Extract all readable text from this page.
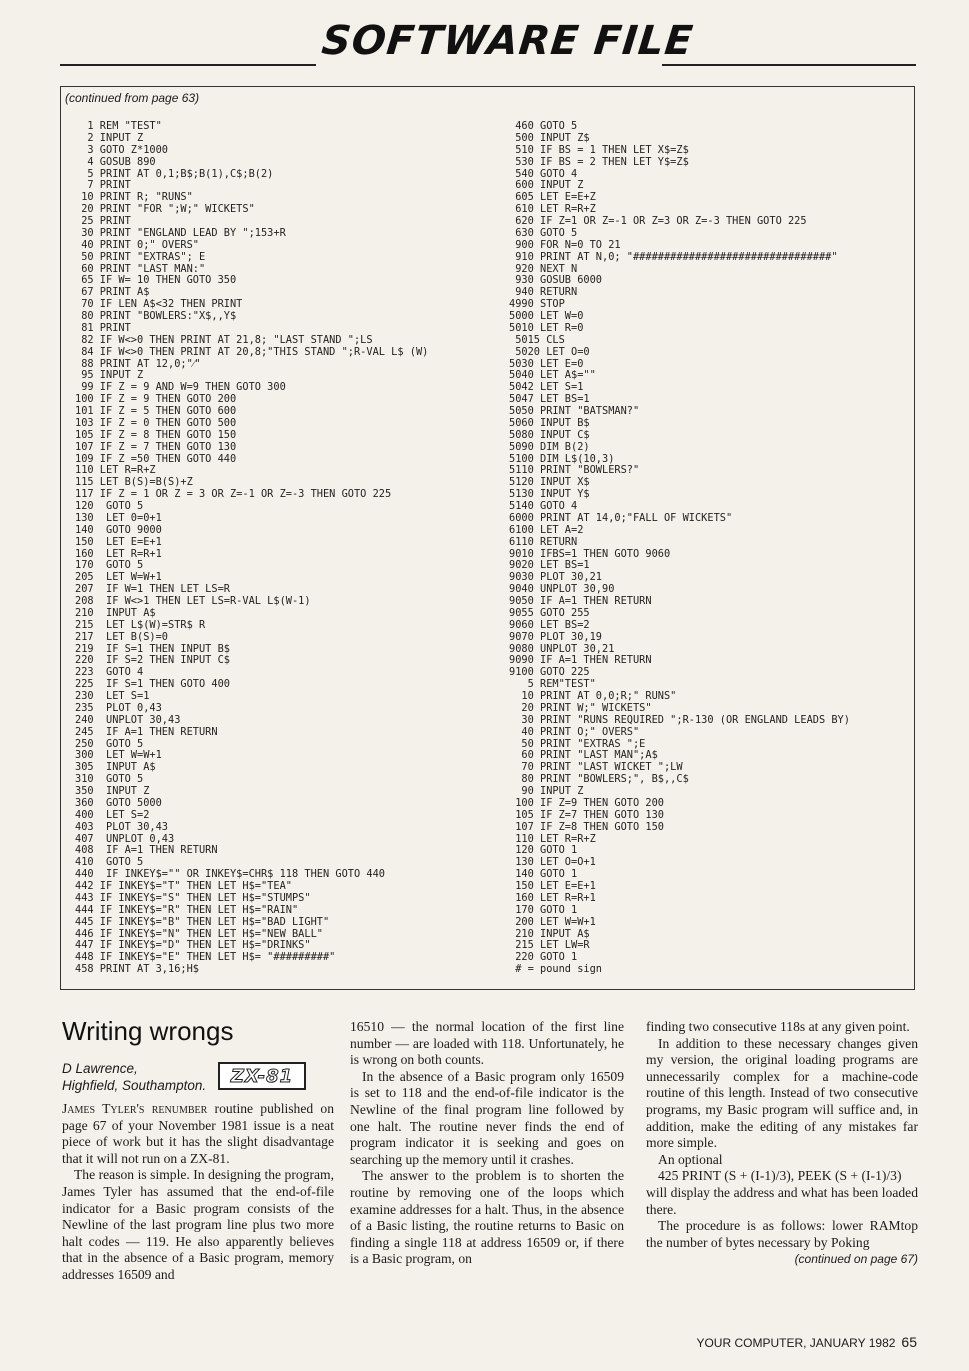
SOFTWARE FILE
(continued from page 63)
1 REM "TEST"
2 INPUT Z
3 GOTO Z*1000
4 GOSUB 890
5 PRINT AT 0,1;B$;B(1),C$;B(2)
7 PRINT
10 PRINT R; "RUNS"
20 PRINT "FOR ";W;" WICKETS"
25 PRINT
30 PRINT "ENGLAND LEAD BY ";153+R
40 PRINT 0;" OVERS"
50 PRINT "EXTRAS"; E
60 PRINT "LAST MAN:"
65 IF W= 10 THEN GOTO 350
67 PRINT A$
70 IF LEN A$<32 THEN PRINT
80 PRINT "BOWLERS:"X$,,Y$
81 PRINT
82 IF W<>0 THEN PRINT AT 21,8; "LAST STAND ";LS
84 IF W<>0 THEN PRINT AT 20,8;"THIS STAND ";R-VAL L$ (W)
88 PRINT AT 12,0;"⁄"
95 INPUT Z
99 IF Z = 9 AND W=9 THEN GOTO 300
100 IF Z = 9 THEN GOTO 200
101 IF Z = 5 THEN GOTO 600
103 IF Z = 0 THEN GOTO 500
105 IF Z = 8 THEN GOTO 150
107 IF Z = 7 THEN GOTO 130
109 IF Z =50 THEN GOTO 440
110 LET R=R+Z
115 LET B(S)=B(S)+Z
117 IF Z = 1 OR Z = 3 OR Z=-1 OR Z=-3 THEN GOTO 225
120  GOTO 5
130  LET 0=0+1
140  GOTO 9000
150  LET E=E+1
160  LET R=R+1
170  GOTO 5
205  LET W=W+1
207  IF W=1 THEN LET LS=R
208  IF W<>1 THEN LET LS=R-VAL L$(W-1)
210  INPUT A$
215  LET L$(W)=STR$ R
217  LET B(S)=0
219  IF S=1 THEN INPUT B$
220  IF S=2 THEN INPUT C$
223  GOTO 4
225  IF S=1 THEN GOTO 400
230  LET S=1
235  PLOT 0,43
240  UNPLOT 30,43
245  IF A=1 THEN RETURN
250  GOTO 5
300  LET W=W+1
305  INPUT A$
310  GOTO 5
350  INPUT Z
360  GOTO 5000
400  LET S=2
403  PLOT 30,43
407  UNPLOT 0,43
408  IF A=1 THEN RETURN
410  GOTO 5
440  IF INKEY$="" OR INKEY$=CHR$ 118 THEN GOTO 440
442 IF INKEY$="T" THEN LET H$="TEA"
443 IF INKEY$="S" THEN LET H$="STUMPS"
444 IF INKEY$="R" THEN LET H$="RAIN"
445 IF INKEY$="B" THEN LET H$="BAD LIGHT"
446 IF INKEY$="N" THEN LET H$="NEW BALL"
447 IF INKEY$="D" THEN LET H$="DRINKS"
448 IF INKEY$="E" THEN LET H$= "#########"
458 PRINT AT 3,16;H$
460 GOTO 5
500 INPUT Z$
510 IF BS = 1 THEN LET X$=Z$
530 IF BS = 2 THEN LET Y$=Z$
540 GOTO 4
600 INPUT Z
605 LET E=E+Z
610 LET R=R+Z
620 IF Z=1 OR Z=-1 OR Z=3 OR Z=-3 THEN GOTO 225
630 GOTO 5
900 FOR N=0 TO 21
910 PRINT AT N,0; "################################"
920 NEXT N
930 GOSUB 6000
940 RETURN
4990 STOP
5000 LET W=0
5010 LET R=0
5015 CLS
5020 LET O=0
5030 LET E=0
5040 LET A$=""
5042 LET S=1
5047 LET BS=1
5050 PRINT "BATSMAN?"
5060 INPUT B$
5080 INPUT C$
5090 DIM B(2)
5100 DIM L$(10,3)
5110 PRINT "BOWLERS?"
5120 INPUT X$
5130 INPUT Y$
5140 GOTO 4
6000 PRINT AT 14,0;"FALL OF WICKETS"
6100 LET A=2
6110 RETURN
9010 IFBS=1 THEN GOTO 9060
9020 LET BS=1
9030 PLOT 30,21
9040 UNPLOT 30,90
9050 IF A=1 THEN RETURN
9055 GOTO 255
9060 LET BS=2
9070 PLOT 30,19
9080 UNPLOT 30,21
9090 IF A=1 THEN RETURN
9100 GOTO 225
5 REM"TEST"
10 PRINT AT 0,0;R;" RUNS"
20 PRINT W;" WICKETS"
30 PRINT "RUNS REQUIRED ";R-130 (OR ENGLAND LEADS BY)
40 PRINT O;" OVERS"
50 PRINT "EXTRAS ";E
60 PRINT "LAST MAN";A$
70 PRINT "LAST WICKET ";LW
80 PRINT "BOWLERS;", B$,,C$
90 INPUT Z
100 IF Z=9 THEN GOTO 200
105 IF Z=7 THEN GOTO 130
107 IF Z=8 THEN GOTO 150
110 LET R=R+Z
120 GOTO 1
130 LET O=O+1
140 GOTO 1
150 LET E=E+1
160 LET R=R+1
170 GOTO 1
200 LET W=W+1
210 INPUT A$
215 LET LW=R
220 GOTO 1
# = pound sign
Writing wrongs
D Lawrence,
Highfield, Southampton.	ZX-81

James Tyler's renumber routine published on page 67 of your November 1981 issue is a neat piece of work but it has the slight disadvantage that it will not run on a ZX-81.

The reason is simple. In designing the program, James Tyler has assumed that the end-of-file indicator for a Basic program consists of the Newline of the last program line plus two more halt codes — 119. He also apparently believes that in the absence of a Basic program, memory addresses 16509 and

16510 — the normal location of the first line number — are loaded with 118. Unfortunately, he is wrong on both counts.

In the absence of a Basic program only 16509 is set to 118 and the end-of-file indicator is the Newline of the final program line followed by one halt. The routine never finds the end of program indicator it is seeking and goes on searching up the memory until it crashes.

The answer to the problem is to shorten the routine by removing one of the loops which examine addresses for a halt. Thus, in the absence of a Basic listing, the routine returns to Basic on finding a single 118 at address 16509 or, if there is a Basic program, on

finding two consecutive 118s at any given point.

In addition to these necessary changes given my version, the original loading programs are unnecessarily complex for a machine-code routine of this length. Instead of two consecutive programs, my Basic program will suffice and, in addition, make the editing of any mistakes far more simple.

An optional

425 PRINT (S + (I-1)/3), PEEK (S + (I-1)/3)

will display the address and what has been loaded there.

The procedure is as follows: lower RAMtop the number of bytes necessary by Poking

(continued on page 67)

YOUR COMPUTER, JANUARY 1982 65
